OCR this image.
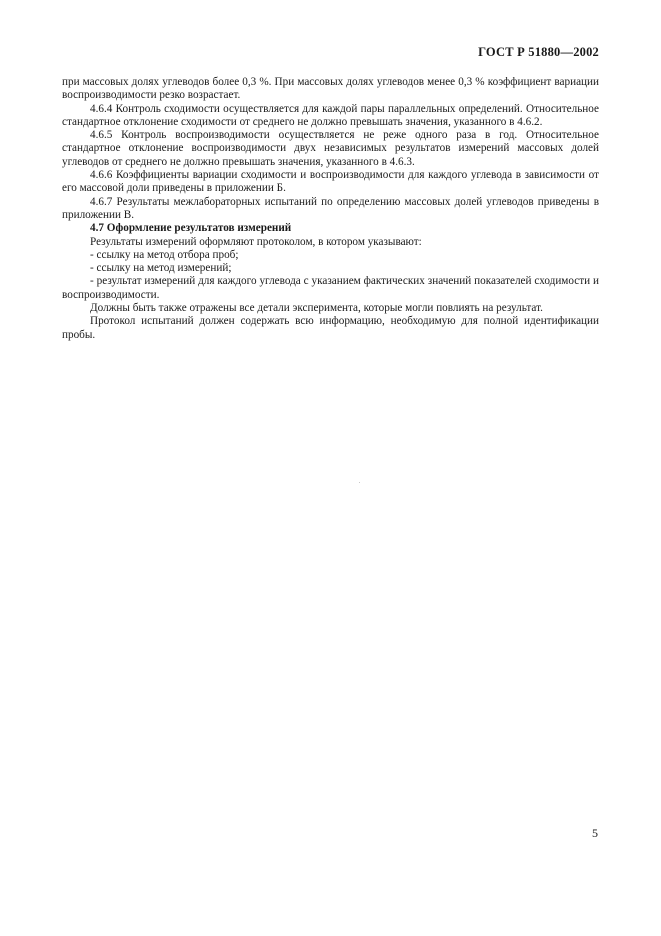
ГОСТ Р 51880—2002

при массовых долях углеводов более 0,3 %. При массовых долях углеводов менее 0,3 % коэффициент вариации воспроизводимости резко возрастает.

4.6.4 Контроль сходимости осуществляется для каждой пары параллельных определений. Относительное стандартное отклонение сходимости от среднего не должно превышать значения, указанного в 4.6.2.

4.6.5 Контроль воспроизводимости осуществляется не реже одного раза в год. Относительное стандартное отклонение воспроизводимости двух независимых результатов измерений массовых долей углеводов от среднего не должно превышать значения, указанного в 4.6.3.

4.6.6 Коэффициенты вариации сходимости и воспроизводимости для каждого углевода в зависимости от его массовой доли приведены в приложении Б.

4.6.7 Результаты межлабораторных испытаний по определению массовых долей углеводов приведены в приложении В.

4.7 Оформление результатов измерений

Результаты измерений оформляют протоколом, в котором указывают:

- ссылку на метод отбора проб;

- ссылку на метод измерений;

- результат измерений для каждого углевода с указанием фактических значений показателей сходимости и воспроизводимости.

Должны быть также отражены все детали эксперимента, которые могли повлиять на результат.

Протокол испытаний должен содержать всю информацию, необходимую для полной идентификации пробы.

5
